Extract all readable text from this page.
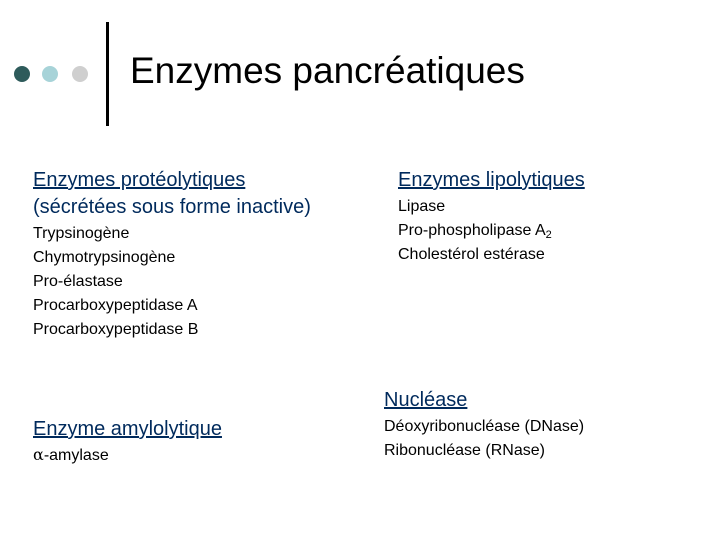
Enzymes pancréatiques
Enzymes protéolytiques
(sécrétées sous forme inactive)
Trypsinogène
Chymotrypsinogène
Pro-élastase
Procarboxypeptidase A
Procarboxypeptidase B
Enzymes lipolytiques
Lipase
Pro-phospholipase $A_2$
Cholestérol estérase
Nucléase
Déoxyribonucléase (DNase)
Ribonucléase (RNase)
Enzyme amylolytique
α-amylase
